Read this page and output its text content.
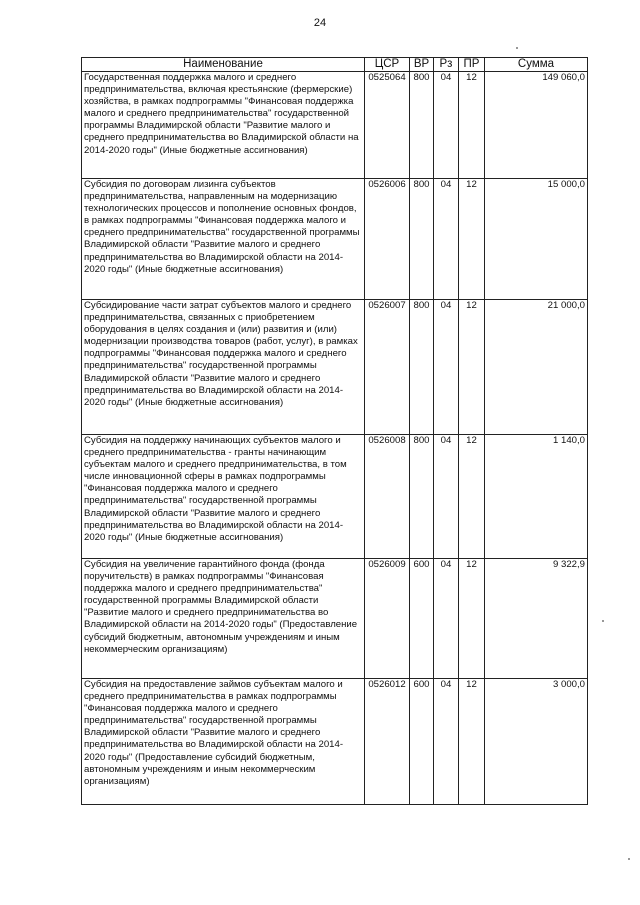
24
Наименование	ЦСР	ВР	Рз	ПР	Сумма
Государственная поддержка малого и среднего предпринимательства, включая крестьянские (фермерские) хозяйства, в рамках подпрограммы "Финансовая поддержка малого и среднего предпринимательства" государственной программы Владимирской области "Развитие малого и среднего предпринимательства во Владимирской области на 2014-2020 годы" (Иные бюджетные ассигнования)	0525064	800	04	12	149 060,0
Субсидия по договорам лизинга субъектов предпринимательства, направленным на модернизацию технологических процессов и пополнение основных фондов, в рамках подпрограммы "Финансовая поддержка малого и среднего предпринимательства" государственной программы Владимирской области "Развитие малого и среднего предпринимательства во Владимирской области на 2014-2020 годы" (Иные бюджетные ассигнования)	0526006	800	04	12	15 000,0
Субсидирование части затрат субъектов малого и среднего предпринимательства, связанных с приобретением оборудования в целях создания и (или) развития и (или) модернизации производства товаров (работ, услуг), в рамках подпрограммы "Финансовая поддержка малого и среднего предпринимательства" государственной программы Владимирской области "Развитие малого и среднего предпринимательства во Владимирской области на 2014-2020 годы" (Иные бюджетные ассигнования)	0526007	800	04	12	21 000,0
Субсидия на поддержку начинающих субъектов малого и среднего предпринимательства - гранты начинающим субъектам малого и среднего предпринимательства, в том числе инновационной сферы в рамках подпрограммы "Финансовая поддержка малого и среднего предпринимательства" государственной программы Владимирской области "Развитие малого и среднего предпринимательства во Владимирской области на 2014-2020 годы" (Иные бюджетные ассигнования)	0526008	800	04	12	1 140,0
Субсидия на увеличение гарантийного фонда (фонда поручительств) в рамках подпрограммы "Финансовая поддержка малого и среднего предпринимательства" государственной программы Владимирской области "Развитие малого и среднего предпринимательства во Владимирской области на 2014-2020 годы" (Предоставление субсидий бюджетным, автономным учреждениям и иным некоммерческим организациям)	0526009	600	04	12	9 322,9
Субсидия на предоставление займов субъектам малого и среднего предпринимательства в рамках подпрограммы "Финансовая поддержка малого и среднего предпринимательства" государственной программы Владимирской области "Развитие малого и среднего предпринимательства во Владимирской области на 2014-2020 годы" (Предоставление субсидий бюджетным, автономным учреждениям и иным некоммерческим организациям)	0526012	600	04	12	3 000,0
